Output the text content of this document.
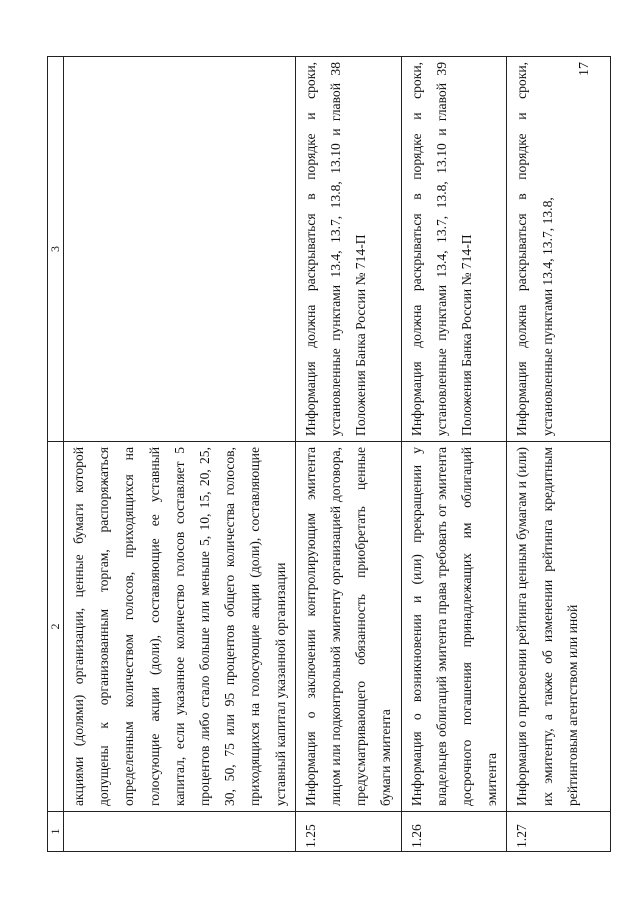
17
1	2	3
	акциями (долями) организации, ценные бумаги которой допущены к организованным торгам, распоряжаться определенным количеством голосов, приходящихся на голосующие акции (доли), составляющие ее уставный капитал, если указанное количество голосов составляет 5 процентов либо стало больше или меньше 5, 10, 15, 20, 25, 30, 50, 75 или 95 процентов общего количества голосов, приходящихся на голосующие акции (доли), составляющие уставный капитал указанной организации	
1.25	Информация о заключении контролирующим эмитента лицом или подконтрольной эмитенту организацией договора, предусматривающего обязанность приобретать ценные бумаги эмитента	Информация должна раскрываться в порядке и сроки, установленные пунктами 13.4, 13.7, 13.8, 13.10 и главой 38 Положения Банка России № 714-П
1.26	Информация о возникновении и (или) прекращении у владельцев облигаций эмитента права требовать от эмитента досрочного погашения принадлежащих им облигаций эмитента	Информация должна раскрываться в порядке и сроки, установленные пунктами 13.4, 13.7, 13.8, 13.10 и главой 39 Положения Банка России № 714-П
1.27	Информация о присвоении рейтинга ценным бумагам и (или) их эмитенту, а также об изменении рейтинга кредитным рейтинговым агентством или иной	Информация должна раскрываться в порядке и сроки, установленные пунктами 13.4, 13.7, 13.8,
